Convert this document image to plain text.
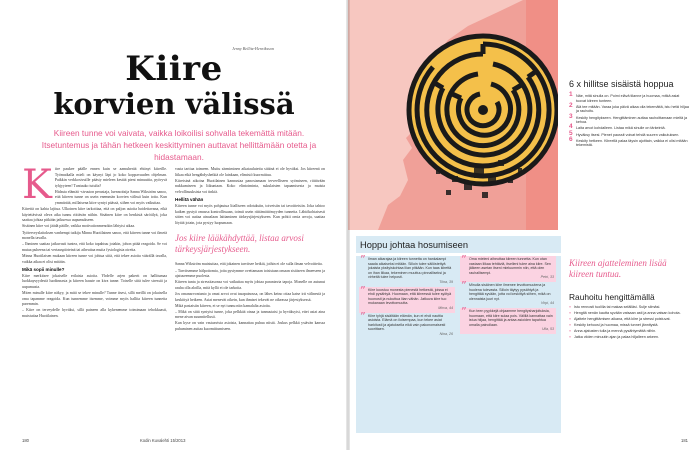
Jenny Bellitz-Henriksson
Kiire
korvien välissä
Kiireen tunne voi vaivata, vaikka loikoilisi sohvalla tekemättä mitään. Itsetuntemus ja tähän hetkeen keskittyminen auttavat hellittämään otetta ja hidastamaan.
K iire paukee päälle ennen kuin se aamuherää ehtinyt kiireille. Työmatkalla mieli on käynyt läpi jo koko koppavuuden ohjelman. Paikkin verkkosivuille päästy mieleen kestää pieni minuuttia, pyöryvä tyhjyyteen! Tuntuuko tutulta?

Hidasta elämää -sivuston perustaja, luennoitsija Sanna Wikström sanoo, että kiireen tunne on usein enemmän korvien välissä kuin totta. Kun ymmärtää, millaisena kiire syntyi päässä, siihen voi myös vaikuttaa.

Kiirettä on kahta lajitua. Ulkoinen kiire tarkoittaa, että on paljon asioita hoidettavana, eikä käytettävissä oleva aika tunnu riittävän niihin. Sisäinen kiire on henkistä särötilyä, joka saattaa johtaa pitkään jatkuessa uupumukseen.

Sisäinen kiire voi jäädä päälle, vaikka motivationmenokin lähtyisi aikaa.

Työterveyslaitoksen vanhempi tutkija Minna Huotilainen sanoo, että kiireen tunne voi ilmetä monella tavalla.

– Ihminen saattaa jatkuvasti tuntea, että koko tapahtuu jotakin, johon pitää reagoida. Se voi mutaa puheena tai vertauspiirteinä tai aiheuttaa muita fysiologisia oireita.

Minna Huotilaisen mukaan kiireen tunne voi johtua siitä, että tekee asioita väärällä tavalla, vaikka aikaa ei olisi mitään.

Mikä sopii minulle?

Kiire merkitsee jokaiselle erilaisia asioita. Yhdelle arjen pakertt on hallitumaa luokkaysyydestä luodinnasta ja kiireen haaste on kiva tunne. Toiselle siitä tulee stressiä ja uupumusta.

Miten minulle kiire näkyy, ja mitä se tekee minulle? Tunne itsesi, sillä meillä on jokaisella oma tapamme reagoida. Kun tunnemme itsemme, voimme myös hallita kiireen tunnetta paremmin.

– Kiire on terveydelle hyväksi, sillä paineen alla kykenemme toimimaan tehokkaasti, muistuttaa Huotilainen.

vasta tarttua toimeen. Muttu särmiminen aikataulutettu sitäinä ei ole hyväksi. Jos kiireenä on liikaa eikä hengähdyshetkiä ole lainkaan, elimistö kuormittuu.

Kiireisinä aikoina Huotilainen kannustaa panostamaan terveelliseen syömiseen, riittävään nukkumiseen ja liikuntaan. Koko elintoiminta, sukulaisten tapaamisesta ja muista velvollisuuksista voi tinkiä.

Hellitä vähän

Kiireen tunne voi myös pohjautua liialliseen odotuksiin, toiveisiin tai tavoitteisiin. Joka tahtoo kaiken pystyä omassa kontrollissaan, toimii usein riittämättömyyden tunnetta. Lähtökohtaisesti sitten voi auttaa ainoalaan laittaminen tärkeysjärjestykseen. Kun pohtii omia arvoja, saattaa löytää jotain, jota pystyy luopumaan.

Jos kiire lääkähdyttää, listaa arvosi tärkeysjärjestykseen.

Sanna Wikström muistuttaa, että jokainen tarvitsee hetkiä, joihin ei ole sulla ilman velvoitteita.

– Tarvitsemme hälpottomia, joita pystymme ovettamaan toisistaan omaan sisäiseen ilmeeseen ja ajatuseemme puolesta.

Kiireen tunta ja stressitasonsa voi vaikuttaa myös johtaa parantavia tapoja. Monelle on autunut rauha olla aloilla, mitä kyllä ei ole tarkoita.

Jos omanarvontunto ja omat arvot ovat tasapainossa, on lähes keino ottaa katse irti välinestä ja keskittyä hetkeen. Asiat menevät oikein, kun ihmiset tekevät ne oikeassa järjestyksessä.

Mikä pastaisiin kiireen, ei se nyt tunnu niin kamalalta asioita.

– Mikä on siitä syntyisi tunne, joka pelkkää oinaa ja tunnustaisi ja hyväksyisi, ettei asiat aina mene aivan suunnitellusti.

Kun kyse on vain vastaavista asioista, kannattaa puhua niistä. Joskus pelkkä ystävän kanssa puhuminen auttaa kuormittumiseen.

180	Kodin Kuvalehti 15/2013
Hoppu johtaa hosumiseen
” Ilman aikarajaa ja kiireen tunnetta on hankalampi saada aikaiseksi mitään. Silloin tulee säilöstettyä jokaista yksityiskohtaa liian pitkään. Kun taas kiirettä on ihan liikaa, tekeminen muuttuu pinnalliseksi ja virheitä tulee helposti.
Tiina, 39
” Kiire koostuu monesta pienestä hetkestä, joissa ei ehdi pysähtyä. Huomaan, että kiireessä tulee syötyä huonosti ja nukuttua liian vähän. Jatkuva kiire tuo mukanaan levottomuutta.
Mirva, 44
” Kiire tyhjä sisältään elämän, kun ei ehdi nauttia asioista. Elämä on iloisempaa, kun tekee asiat harkitusti ja ajatuksella eikä vain pakonomaisesti suorittaen.
Nina, 26
” Oma mieleni aiheuttaa kiireen tunnetta. Kun otan vastaan liikaa tehtäviä, itselleni tulee aina kiire. Sen jälkeen asetan itseni mieluummin niin, että olen rauhallisempi.
Petri, 33
” Minulla sisäinen kiire ilmenee levottomuutena ja huolena tulevasta. Silloin täytyy pysähtyä ja hengittää syvään, jotta voi keskittyä siihen, mikä on olennaista juuri nyt.
Virpi, 44
” Kun teen pyykkejä ohjaamme hengitysharjoituksia, huomaan, että kiire sulaa pois. Välillä kannattaa vain istua hiljaa, hengittää ja antaa asioiden tapahtua omalla painollaan.
Ulla, 53
6 x hillitse sisäistä hoppua
1 Näe, mitä sinulla on. Poimi elävä tilanne ja huomaa, mitkä asiat tuovat kiireen tunteen.
2 Älä tee mitään. Varaa joka päivä aikaa olla tekemättä, istu hetki hiljaa ja rauhoitu.
3 Keskity hengitykseen. Hengittäminen auttaa rauhoittamaan mieltä ja kehoa.
4 Laita arvot kohdalleen. Listaa mikä sinulle on tärkeintä.
5 Hyväksy itsesi. Pienet paussit voivat tehdä suuren vaikutuksen.
6 Keskity hetkeen. Kiireellä palaa täysin ajoittain, vaikka ei olisi mitään tekemistä.
Kiireen ajatteleminen lisää kiireen tuntua.
Rauhoitu hengittämällä
» Istu rennosti tuolilla tai makaa selälläsi. Sulje silmäsi.
» Hengitä nenän kautta syvään vatsaan asti ja anna vatsan kohota.
» Ajattele hengittämisen aikana, että kiire ja stressi poistuvat.
» Keskity kehoosi ja huomaa, missä tunnet jännitystä.
» Anna ajatusten tulla ja mennä pysähtymättä niihin.
» Jatka viiden minuutin ajan ja palaa hiljalleen arkeen.
181
